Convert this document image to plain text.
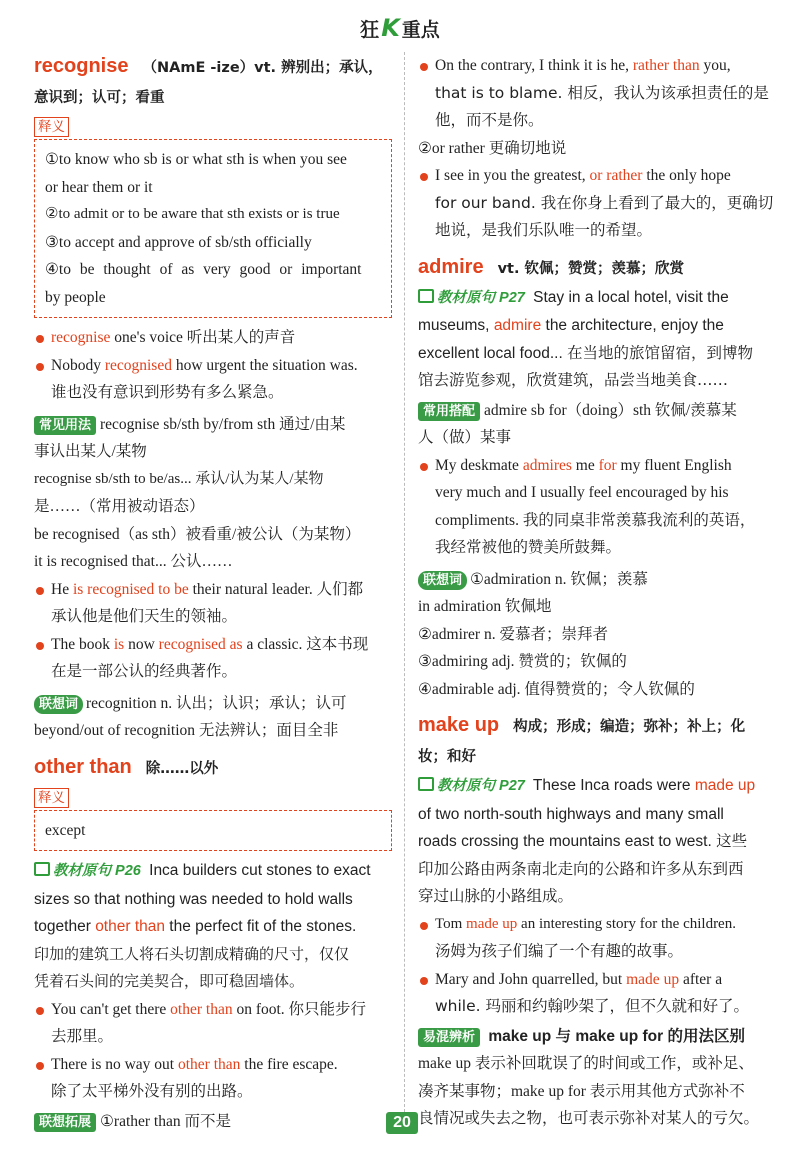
狂K 重点
recognise （NAmE -ize）vt. 辨别出；承认，
意识到；认可；看重
释义
①to know who sb is or what sth is when you see
or hear them or it
②to admit or to be aware that sth exists or is true
③to accept and approve of sb/sth officially
④to be thought of as very good or important
by people
recognise one's voice 听出某人的声音
Nobody recognised how urgent the situation was.
谁也没有意识到形势有多么紧急。
常见用法 recognise sb/sth by/from sth 通过/由某
事认出某人/某物
recognise sb/sth to be/as... 承认/认为某人/某物
是……（常用被动语态）
be recognised（as sth）被看重/被公认（为某物）
it is recognised that... 公认……
He is recognised to be their natural leader. 人们都
承认他是他们天生的领袖。
The book is now recognised as a classic. 这本书现
在是一部公认的经典著作。
联想词 recognition n. 认出；认识；承认；认可
beyond/out of recognition 无法辨认；面目全非
other than 除……以外
释义
except
教材原句 P26 Inca builders cut stones to exact
sizes so that nothing was needed to hold walls
together other than the perfect fit of the stones.
印加的建筑工人将石头切割成精确的尺寸，仅仅
凭着石头间的完美契合，即可稳固墙体。
You can't get there other than on foot. 你只能步行
去那里。
There is no way out other than the fire escape.
除了太平梯外没有别的出路。
联想拓展 ①rather than 而不是
On the contrary, I think it is he, rather than you,
that is to blame. 相反，我认为该承担责任的是
他，而不是你。
②or rather 更确切地说
I see in you the greatest, or rather the only hope
for our band. 我在你身上看到了最大的，更确切
地说，是我们乐队唯一的希望。
admire vt. 钦佩；赞赏；羡慕；欣赏
教材原句 P27 Stay in a local hotel, visit the
museums, admire the architecture, enjoy the
excellent local food... 在当地的旅馆留宿，到博物
馆去游览参观，欣赏建筑，品尝当地美食……
常用搭配 admire sb for（doing）sth 钦佩/羡慕某
人（做）某事
My deskmate admires me for my fluent English
very much and I usually feel encouraged by his
compliments. 我的同桌非常羡慕我流利的英语，
我经常被他的赞美所鼓舞。
联想词 ①admiration n. 钦佩；羡慕
in admiration 钦佩地
②admirer n. 爱慕者；崇拜者
③admiring adj. 赞赏的；钦佩的
④admirable adj. 值得赞赏的；令人钦佩的
make up 构成；形成；编造；弥补；补上；化
妆；和好
教材原句 P27 These Inca roads were made up
of two north-south highways and many small
roads crossing the mountains east to west. 这些
印加公路由两条南北走向的公路和许多从东到西
穿过山脉的小路组成。
Tom made up an interesting story for the children.
汤姆为孩子们编了一个有趣的故事。
Mary and John quarrelled, but made up after a
while. 玛丽和约翰吵架了，但不久就和好了。
易混辨析 make up 与 make up for 的用法区别
make up 表示补回耽误了的时间或工作，或补足、
凑齐某事物；make up for 表示用其他方式弥补不
良情况或失去之物，也可表示弥补对某人的亏欠。
20
